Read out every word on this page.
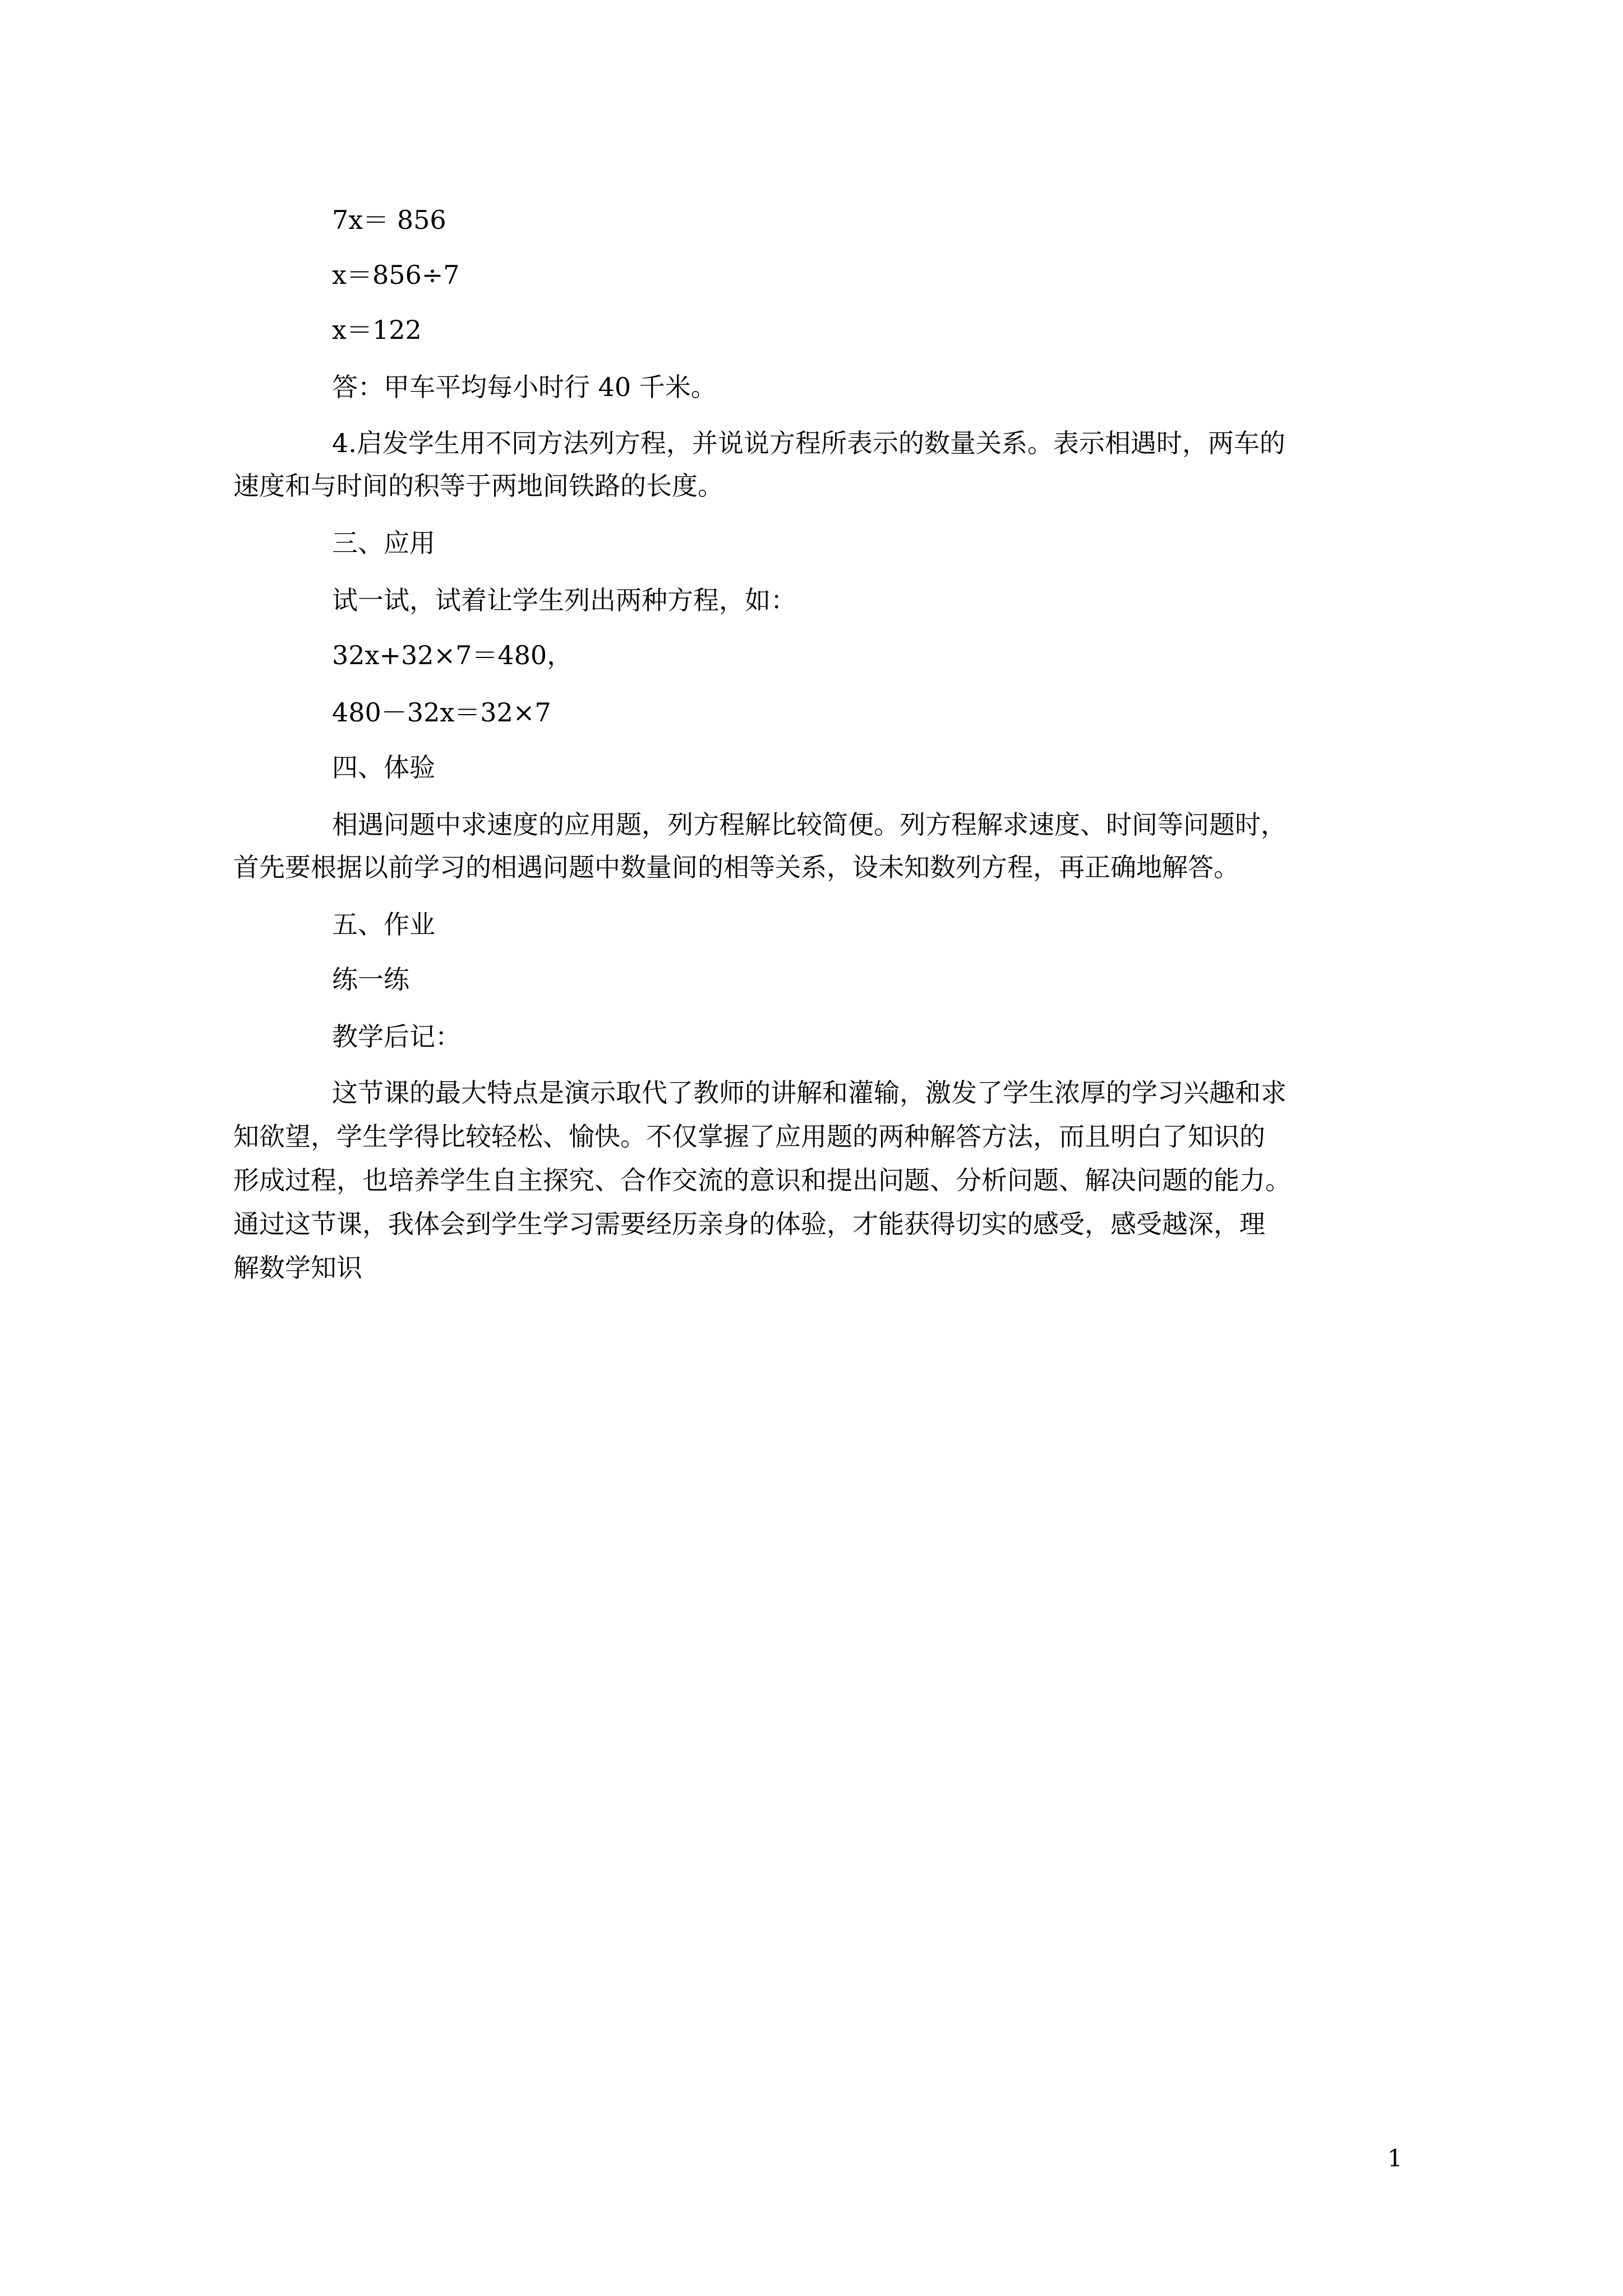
7x＝ 856
x＝856÷7
x＝122
答：甲车平均每小时行 40 千米。
4.启发学生用不同方法列方程，并说说方程所表示的数量关系。表示相遇时，两车的
速度和与时间的积等于两地间铁路的长度。
三、应用
试一试，试着让学生列出两种方程，如：
32x+32×7＝480，
480－32x＝32×7
四、体验
相遇问题中求速度的应用题，列方程解比较简便。列方程解求速度、时间等问题时，
首先要根据以前学习的相遇问题中数量间的相等关系，设未知数列方程，再正确地解答。
五、作业
练一练
教学后记：
这节课的最大特点是演示取代了教师的讲解和灌输，激发了学生浓厚的学习兴趣和求
知欲望，学生学得比较轻松、愉快。不仅掌握了应用题的两种解答方法，而且明白了知识的
形成过程，也培养学生自主探究、合作交流的意识和提出问题、分析问题、解决问题的能力。
通过这节课，我体会到学生学习需要经历亲身的体验，才能获得切实的感受，感受越深，理
解数学知识
1
